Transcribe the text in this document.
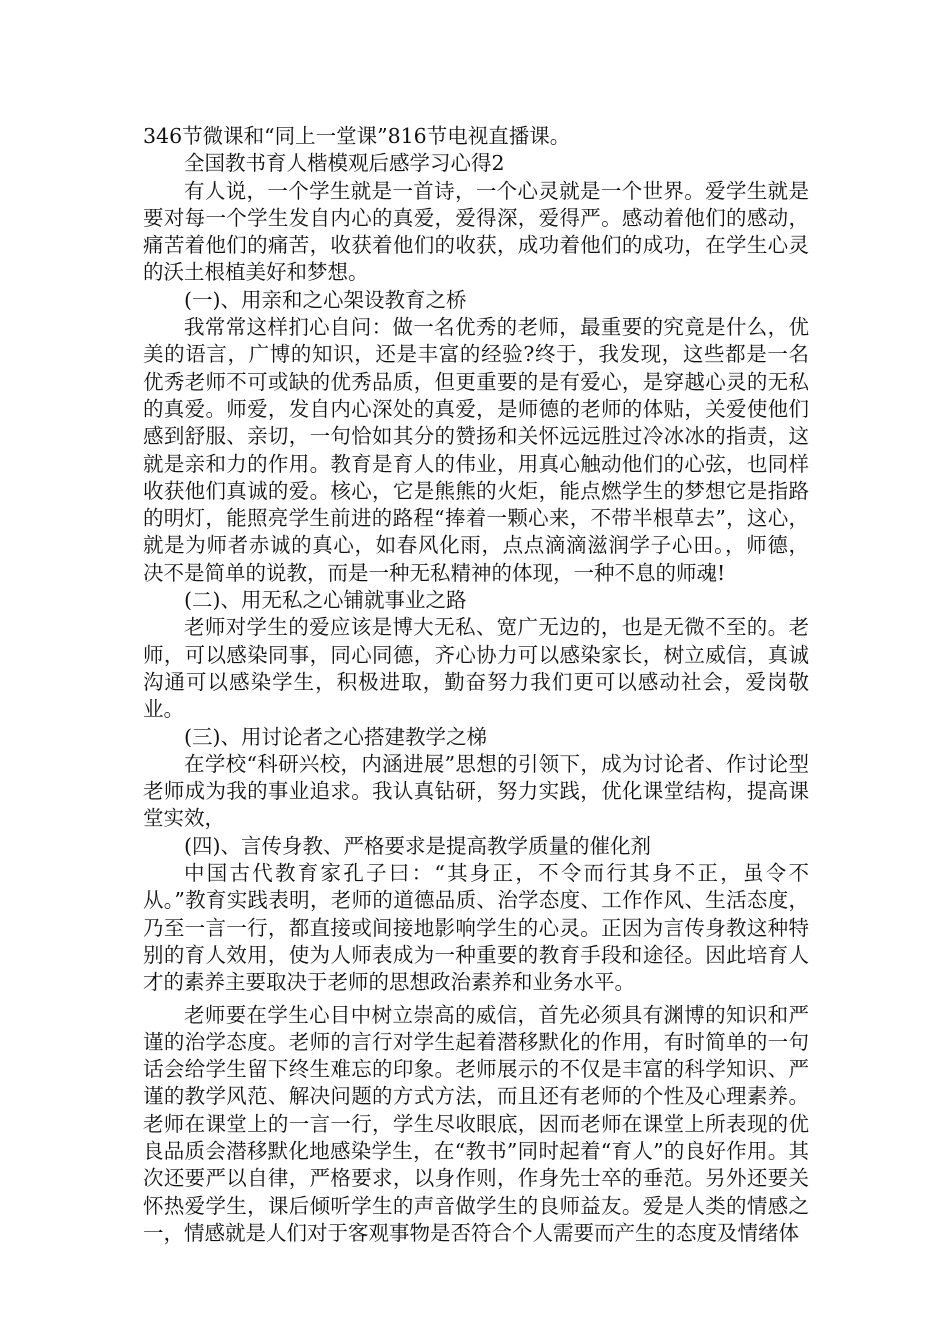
346节微课和“同上一堂课”816节电视直播课。

全国教书育人楷模观后感学习心得2

有人说，一个学生就是一首诗，一个心灵就是一个世界。爱学生就是要对每一个学生发自内心的真爱，爱得深，爱得严。感动着他们的感动，痛苦着他们的痛苦，收获着他们的收获，成功着他们的成功，在学生心灵的沃土根植美好和梦想。

(一)、用亲和之心架设教育之桥

我常常这样扪心自问：做一名优秀的老师，最重要的究竟是什么，优美的语言，广博的知识，还是丰富的经验?终于，我发现，这些都是一名优秀老师不可或缺的优秀品质，但更重要的是有爱心，是穿越心灵的无私的真爱。师爱，发自内心深处的真爱，是师德的老师的体贴，关爱使他们感到舒服、亲切，一句恰如其分的赞扬和关怀远远胜过冷冰冰的指责，这就是亲和力的作用。教育是育人的伟业，用真心触动他们的心弦，也同样收获他们真诚的爱。核心，它是熊熊的火炬，能点燃学生的梦想它是指路的明灯，能照亮学生前进的路程“捧着一颗心来，不带半根草去”，这心，就是为师者赤诚的真心，如春风化雨，点点滴滴滋润学子心田。，师德，决不是简单的说教，而是一种无私精神的体现，一种不息的师魂!

(二)、用无私之心铺就事业之路

老师对学生的爱应该是博大无私、宽广无边的，也是无微不至的。老师，可以感染同事，同心同德，齐心协力可以感染家长，树立威信，真诚沟通可以感染学生，积极进取，勤奋努力我们更可以感动社会，爱岗敬业。

(三)、用讨论者之心搭建教学之梯

在学校“科研兴校，内涵进展”思想的引领下，成为讨论者、作讨论型老师成为我的事业追求。我认真钻研，努力实践，优化课堂结构，提高课堂实效，

(四)、言传身教、严格要求是提高教学质量的催化剂

中国古代教育家孔子曰：“其身正，不令而行其身不正，虽令不从。”教育实践表明，老师的道德品质、治学态度、工作作风、生活态度，乃至一言一行，都直接或间接地影响学生的心灵。正因为言传身教这种特别的育人效用，使为人师表成为一种重要的教育手段和途径。因此培育人才的素养主要取决于老师的思想政治素养和业务水平。

老师要在学生心目中树立崇高的威信，首先必须具有渊博的知识和严谨的治学态度。老师的言行对学生起着潜移默化的作用，有时简单的一句话会给学生留下终生难忘的印象。老师展示的不仅是丰富的科学知识、严谨的教学风范、解决问题的方式方法，而且还有老师的个性及心理素养。老师在课堂上的一言一行，学生尽收眼底，因而老师在课堂上所表现的优良品质会潜移默化地感染学生，在“教书”同时起着“育人”的良好作用。其次还要严以自律，严格要求，以身作则，作身先士卒的垂范。另外还要关怀热爱学生，课后倾听学生的声音做学生的良师益友。爱是人类的情感之一，情感就是人们对于客观事物是否符合个人需要而产生的态度及情绪体
